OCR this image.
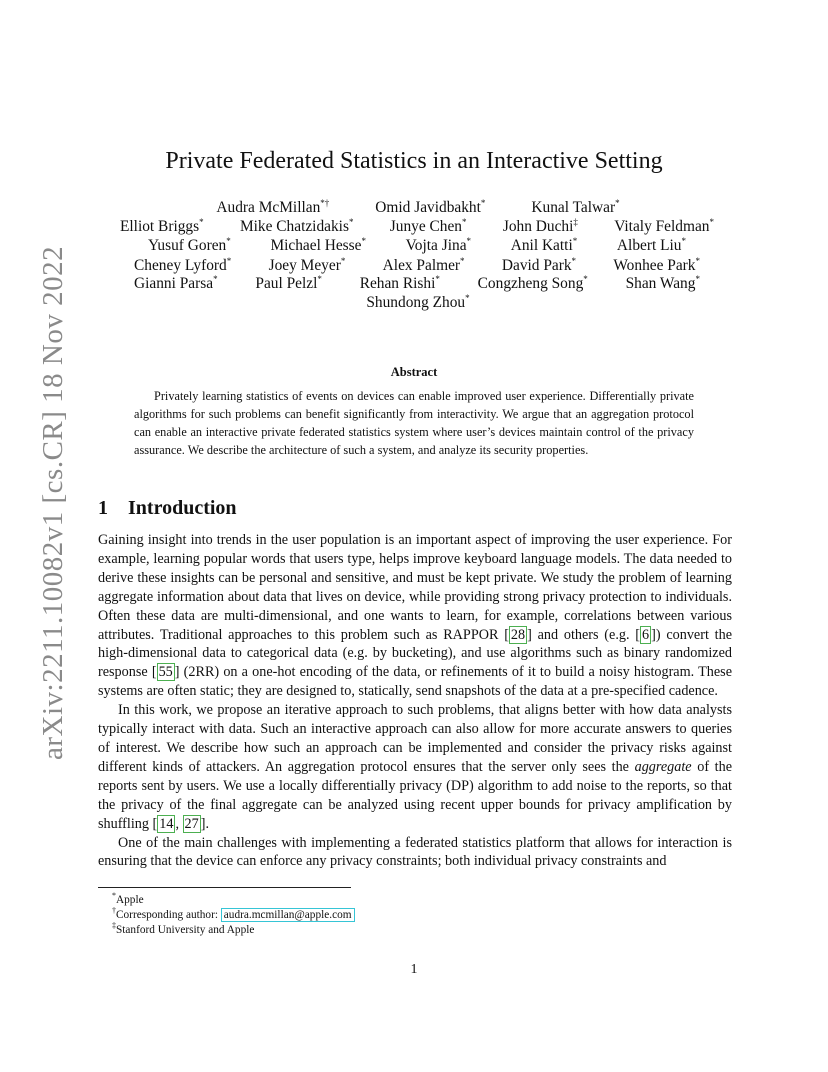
arXiv:2211.10082v1 [cs.CR] 18 Nov 2022
Private Federated Statistics in an Interactive Setting
Audra McMillan*†	Omid Javidbakht*	Kunal Talwar*
Elliot Briggs* Mike Chatzidakis* Junye Chen* John Duchi‡ Vitaly Feldman*
Yusuf Goren*	Michael Hesse*	Vojta Jina*	Anil Katti*	Albert Liu*
Cheney Lyford* Joey Meyer* Alex Palmer* David Park* Wonhee Park*
Gianni Parsa* Paul Pelzl* Rehan Rishi* Congzheng Song* Shan Wang*
Shundong Zhou*
Abstract
Privately learning statistics of events on devices can enable improved user experience. Differentially private algorithms for such problems can benefit significantly from interactivity. We argue that an aggregation protocol can enable an interactive private federated statistics system where user’s devices maintain control of the privacy assurance. We describe the architecture of such a system, and analyze its security properties.
1 Introduction

Gaining insight into trends in the user population is an important aspect of improving the user experience. For example, learning popular words that users type, helps improve keyboard language models. The data needed to derive these insights can be personal and sensitive, and must be kept private. We study the problem of learning aggregate information about data that lives on device, while providing strong privacy protection to individuals. Often these data are multi-dimensional, and one wants to learn, for example, correlations between various attributes. Traditional approaches to this problem such as RAPPOR [ 28 ] and others (e.g. [ 6 ]) convert the high-dimensional data to categorical data (e.g. by bucketing), and use algorithms such as binary randomized response [ 55 ] (2RR) on a one-hot encoding of the data, or refinements of it to build a noisy histogram. These systems are often static; they are designed to, statically, send snapshots of the data at a pre-specified cadence.

In this work, we propose an iterative approach to such problems, that aligns better with how data analysts typically interact with data. Such an interactive approach can also allow for more accurate answers to queries of interest. We describe how such an approach can be implemented and consider the privacy risks against different kinds of attackers. An aggregation protocol ensures that the server only sees the aggregate of the reports sent by users. We use a locally differentially privacy (DP) algorithm to add noise to the reports, so that the privacy of the final aggregate can be analyzed using recent upper bounds for privacy amplification by shuffling [ 14 , 27 ].

One of the main challenges with implementing a federated statistics platform that allows for interaction is ensuring that the device can enforce any privacy constraints; both individual privacy constraints and

*Apple
†Corresponding author: audra.mcmillan@apple.com
‡Stanford University and Apple
1
